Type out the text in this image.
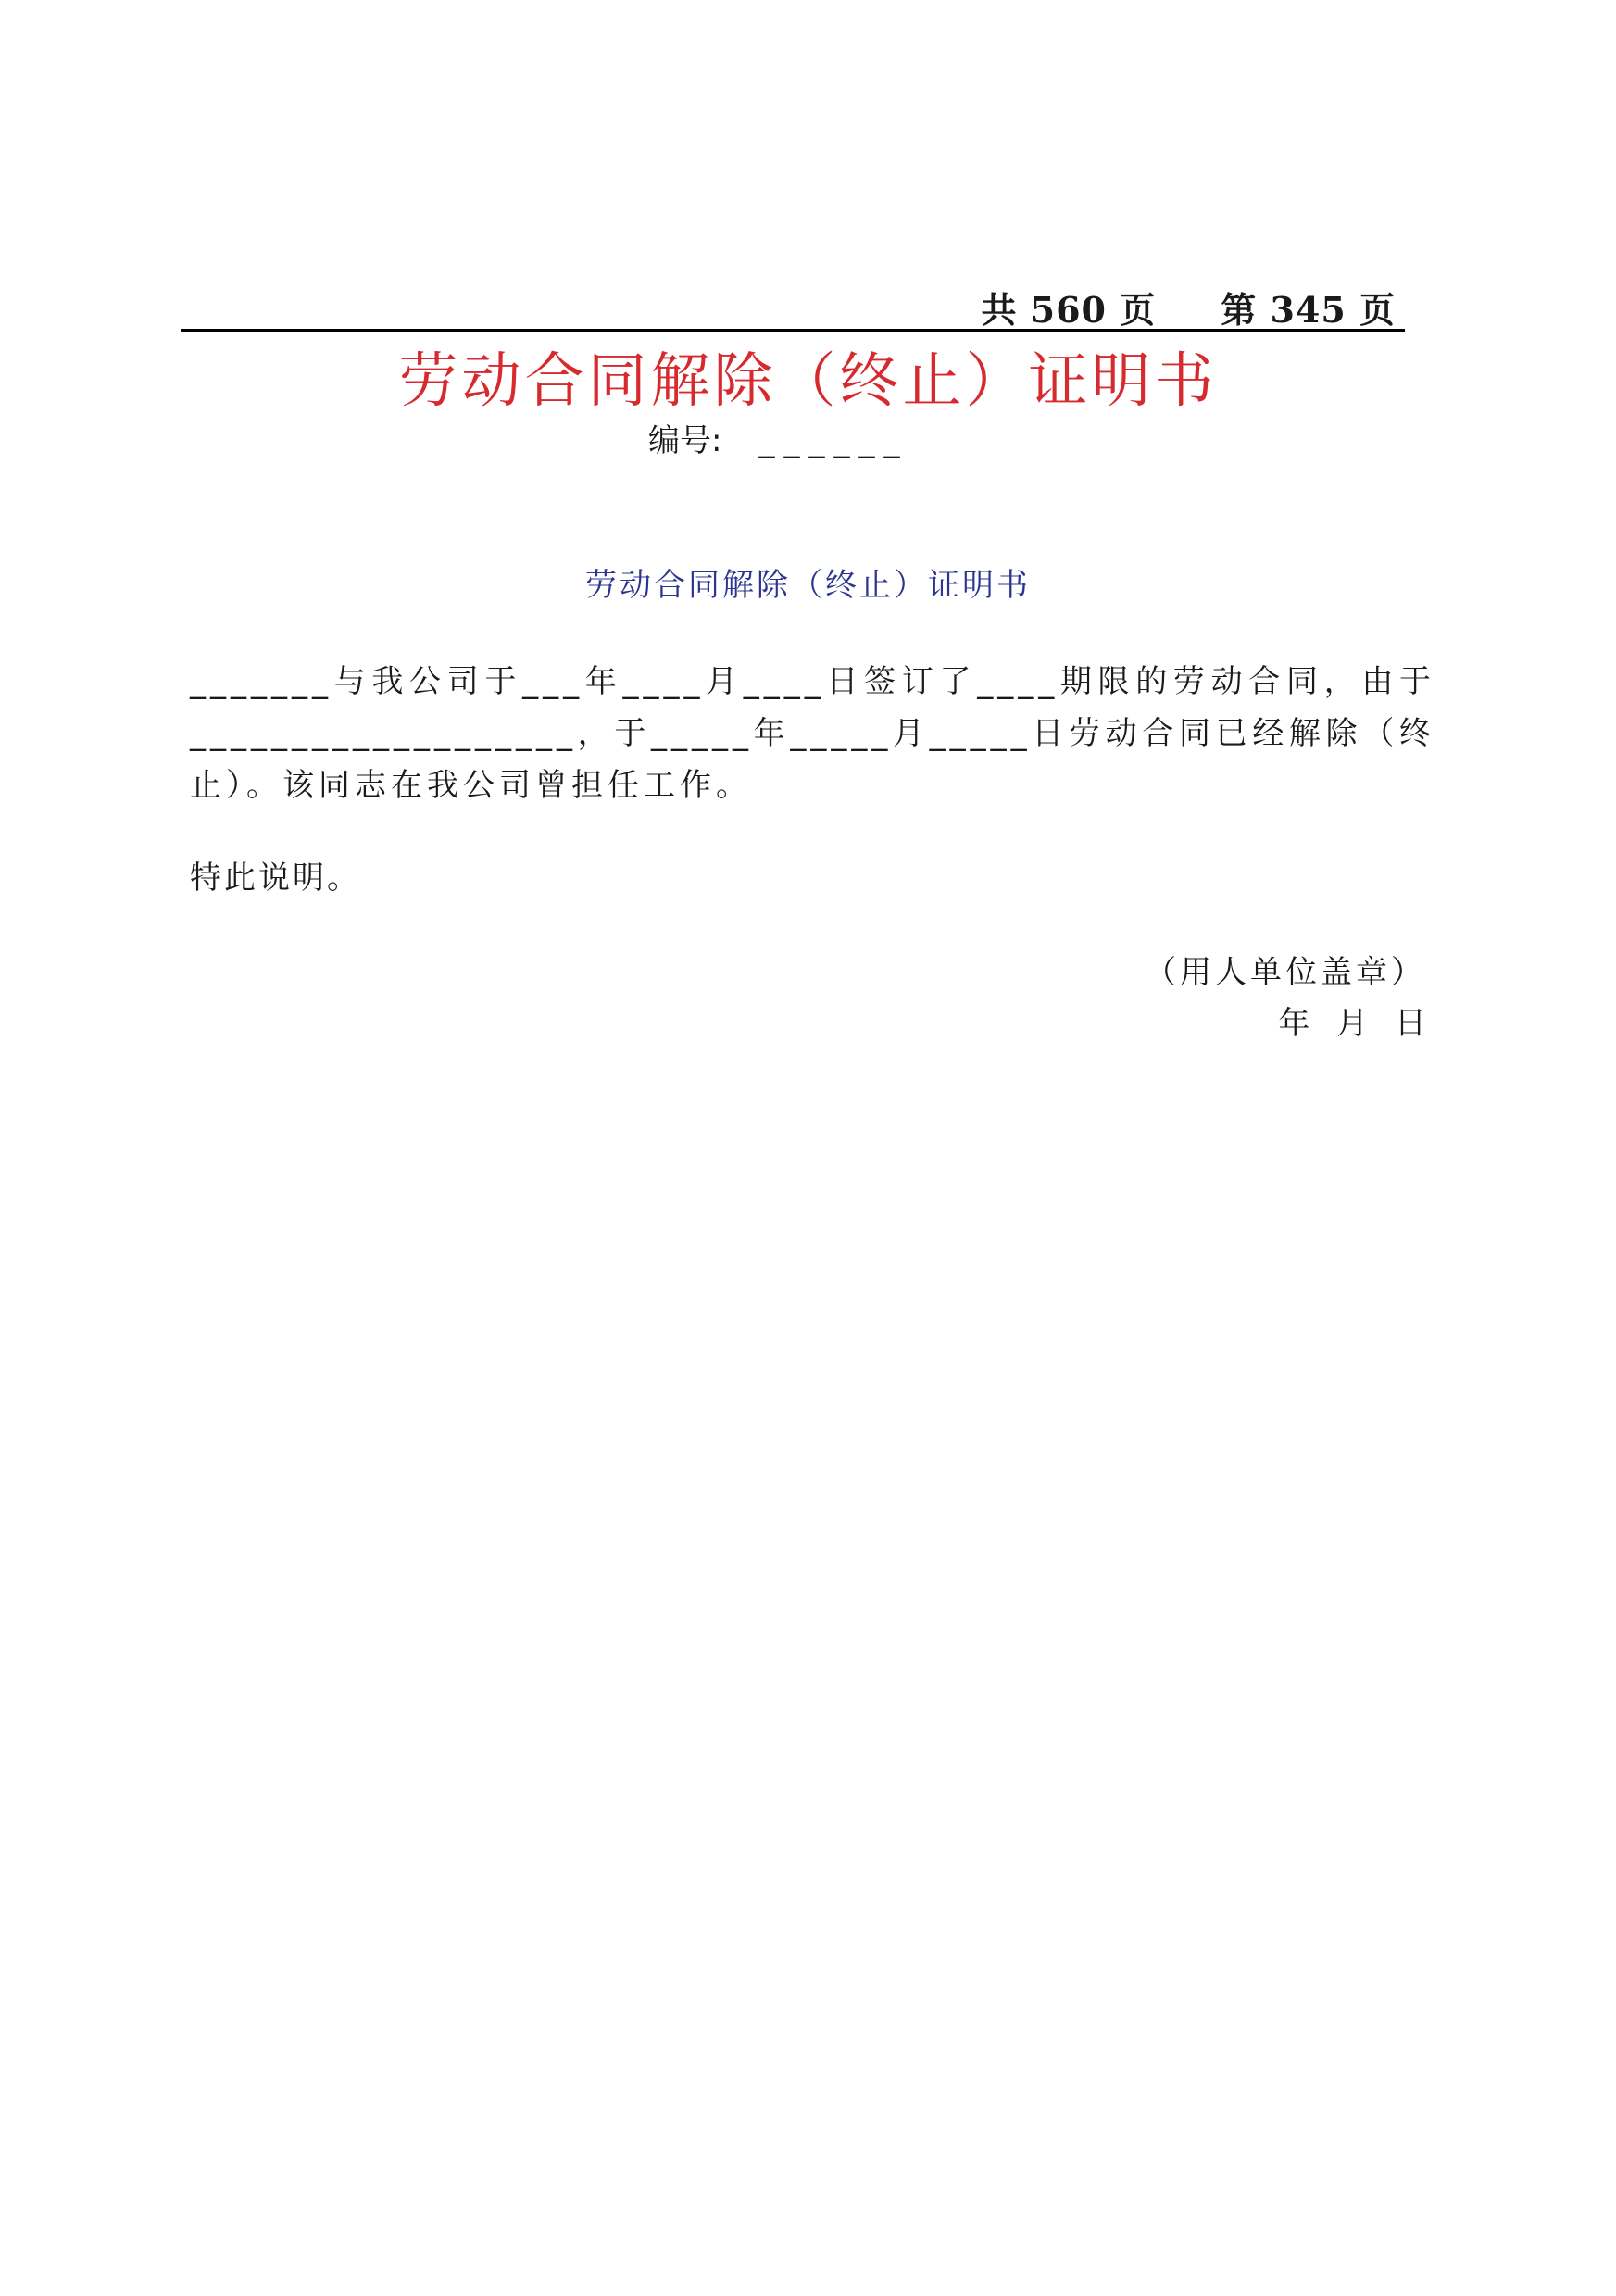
共 560 页 第 345 页
劳动合同解除（终止）证明书
编号: ______
劳动合同解除（终止）证明书
_______与我公司于___年____月____日签订了____期限的劳动合同，由于___________________，于_____年_____月_____日劳动合同已经解除（终止）。该同志在我公司曾担任工作。
特此说明。
（用人单位盖章）
年 月 日
